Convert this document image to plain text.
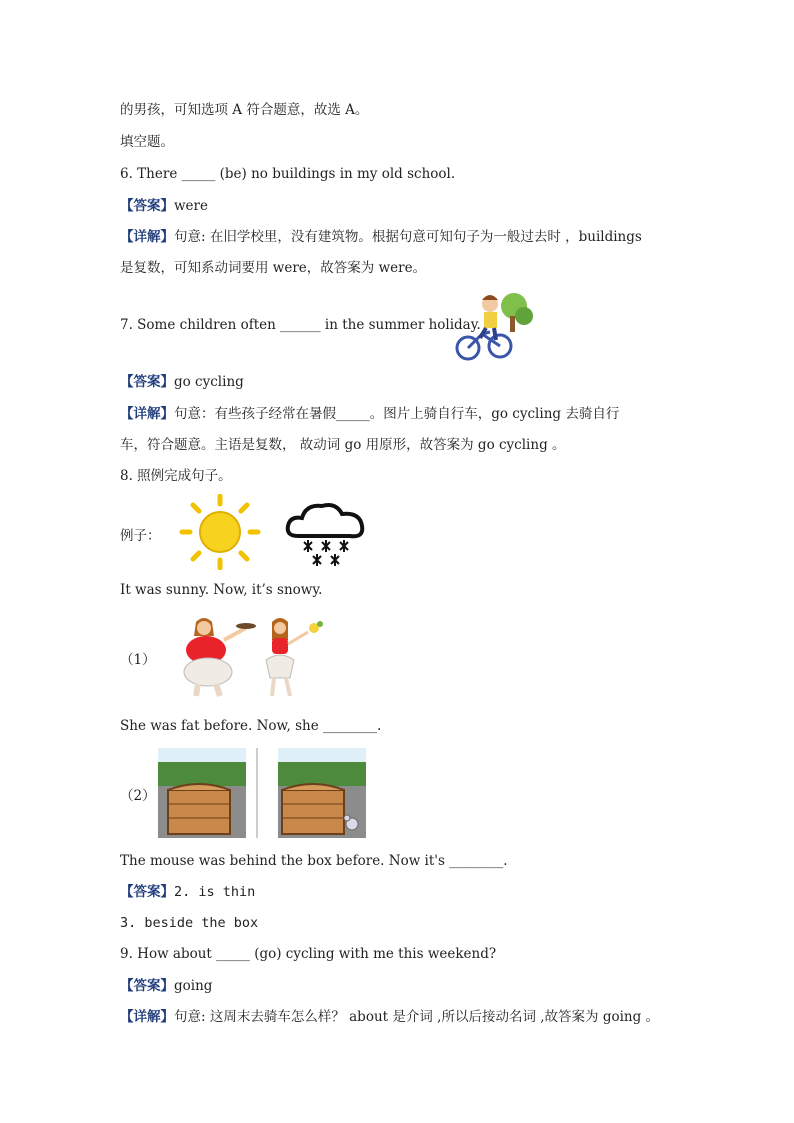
的男孩，可知选项 A 符合题意，故选 A。
填空题。
6. There _____ (be) no buildings in my old school.
【答案】were
【详解】句意: 在旧学校里，没有建筑物。根据句意可知句子为一般过去时 ，buildings
是复数，可知系动词要用 were，故答案为 were。
7. Some children often ______ in the summer holiday.
【答案】go cycling
【详解】句意：有些孩子经常在暑假_____。图片上骑自行车，go cycling 去骑自行
车，符合题意。主语是复数， 故动词 go 用原形，故答案为 go cycling 。
8. 照例完成句子。
例子：
It was sunny. Now, it’s snowy.
（1）
She was fat before. Now, she ________.
（2）
The mouse was behind the box before. Now it's ________.
【答案】2. is thin
3. beside the box
9. How about _____ (go) cycling with me this weekend?
【答案】going
【详解】句意: 这周末去骑车怎么样？ about 是介词 ,所以后接动名词 ,故答案为 going 。
